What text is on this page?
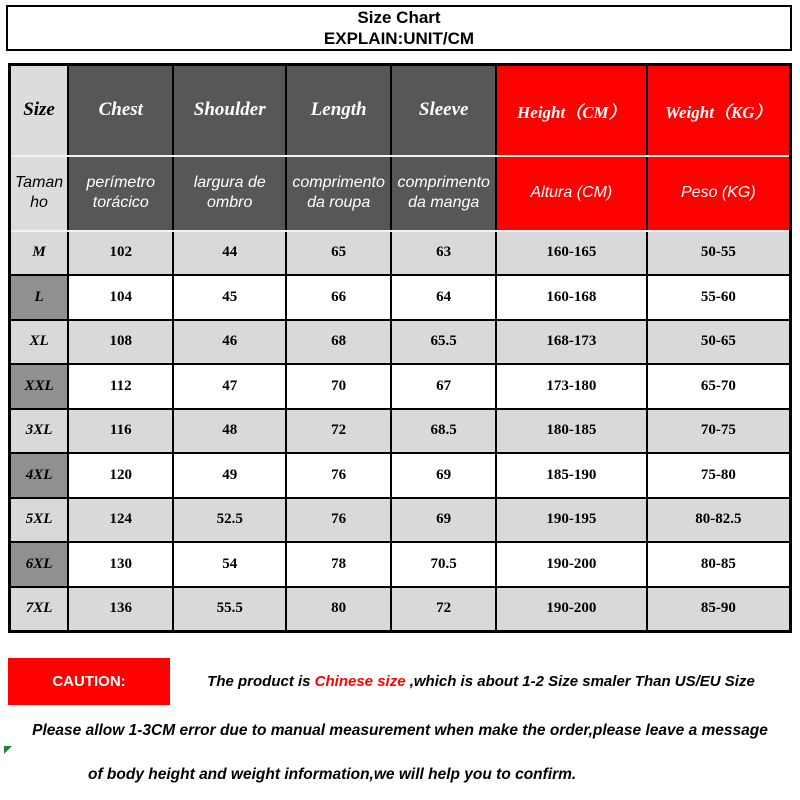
Size Chart
EXPLAIN:UNIT/CM
Size	Chest	Shoulder	Length	Sleeve	Height（CM）	Weight（KG）
Tamanho	perímetro torácico	largura de ombro	comprimento da roupa	comprimento da manga	Altura (CM)	Peso (KG)
M	102	44	65	63	160-165	50-55
L	104	45	66	64	160-168	55-60
XL	108	46	68	65.5	168-173	50-65
XXL	112	47	70	67	173-180	65-70
3XL	116	48	72	68.5	180-185	70-75
4XL	120	49	76	69	185-190	75-80
5XL	124	52.5	76	69	190-195	80-82.5
6XL	130	54	78	70.5	190-200	80-85
7XL	136	55.5	80	72	190-200	85-90
CAUTION:	The product is Chinese size ,which is about 1-2 Size smaler Than US/EU Size
Please allow 1-3CM error due to manual measurement when make the order,please leave a message
of body height and weight information,we will help you to confirm.
